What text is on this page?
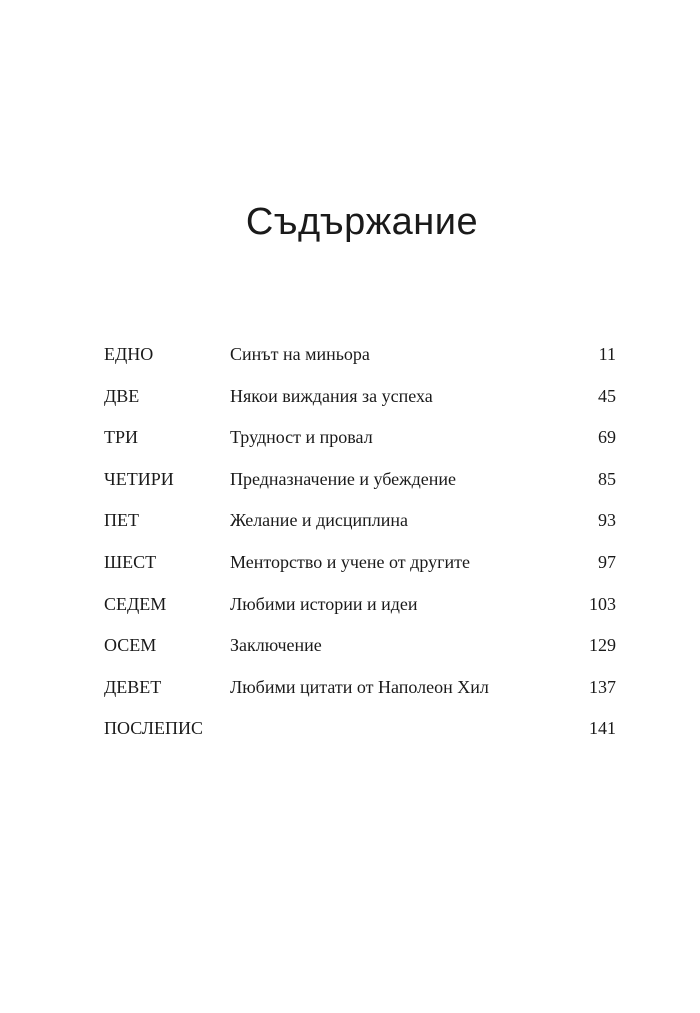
Съдържание
ЕДНО	Синът на миньора	11
ДВЕ	Някои виждания за успеха	45
ТРИ	Трудност и провал	69
ЧЕТИРИ	Предназначение и убеждение	85
ПЕТ	Желание и дисциплина	93
ШЕСТ	Менторство и учене от другите	97
СЕДЕМ	Любими истории и идеи	103
ОСЕМ	Заключение	129
ДЕВЕТ	Любими цитати от Наполеон Хил	137
ПОСЛЕПИС	141
